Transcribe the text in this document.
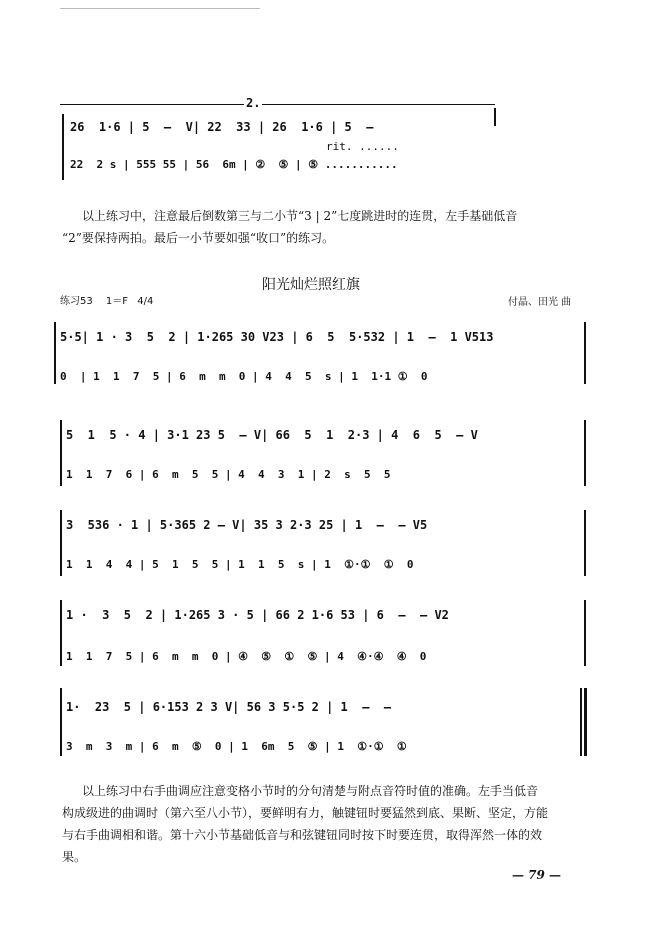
2.
26  1·6 | 5  —  V| 22  33 | 26  1·6 | 5  —
rit. ......
22  2 s | 555 55 | 56  6m | ②  ⑤ | ⑤ ...........
以上练习中，注意最后倒数第三与二小节“3 | 2”七度跳进时的连贯，左手基础低音
“2”要保持两拍。最后一小节要如强“收口”的练习。
阳光灿烂照红旗
练习53 1＝F 4/4	付晶、田光 曲
5·5| 1 · 3  5  2 | 1·265 30 V23 | 6  5  5·532 | 1  —  1 V513
0  | 1  1  7  5 | 6  m  m  0 | 4  4  5  s | 1  1·1 ①  0
5  1  5 · 4 | 3·1 23 5  — V| 66  5  1  2·3 | 4  6  5  — V
1  1  7  6 | 6  m  5  5 | 4  4  3  1 | 2  s  5  5
3  536 · 1 | 5·365 2 — V| 35 3 2·3 25 | 1  —  — V5
1  1  4  4 | 5  1  5  5 | 1  1  5  s | 1  ①·①  ①  0
1 ·  3  5  2 | 1·265 3 · 5 | 66 2 1·6 53 | 6  —  — V2
1  1  7  5 | 6  m  m  0 | ④  ⑤  ①  ⑤ | 4  ④·④  ④  0
1·  23  5 | 6·153 2 3 V| 56 3 5·5 2 | 1  —  —
3  m  3  m | 6  m  ⑤  0 | 1  6m  5  ⑤ | 1  ①·①  ①
以上练习中右手曲调应注意变格小节时的分句清楚与附点音符时值的准确。左手当低音
构成级进的曲调时（第六至八小节），要鲜明有力，触键钮时要猛然到底、果断、坚定，方能
与右手曲调相和谐。第十六小节基础低音与和弦键钮同时按下时要连贯，取得浑然一体的效
果。
— 79 —
